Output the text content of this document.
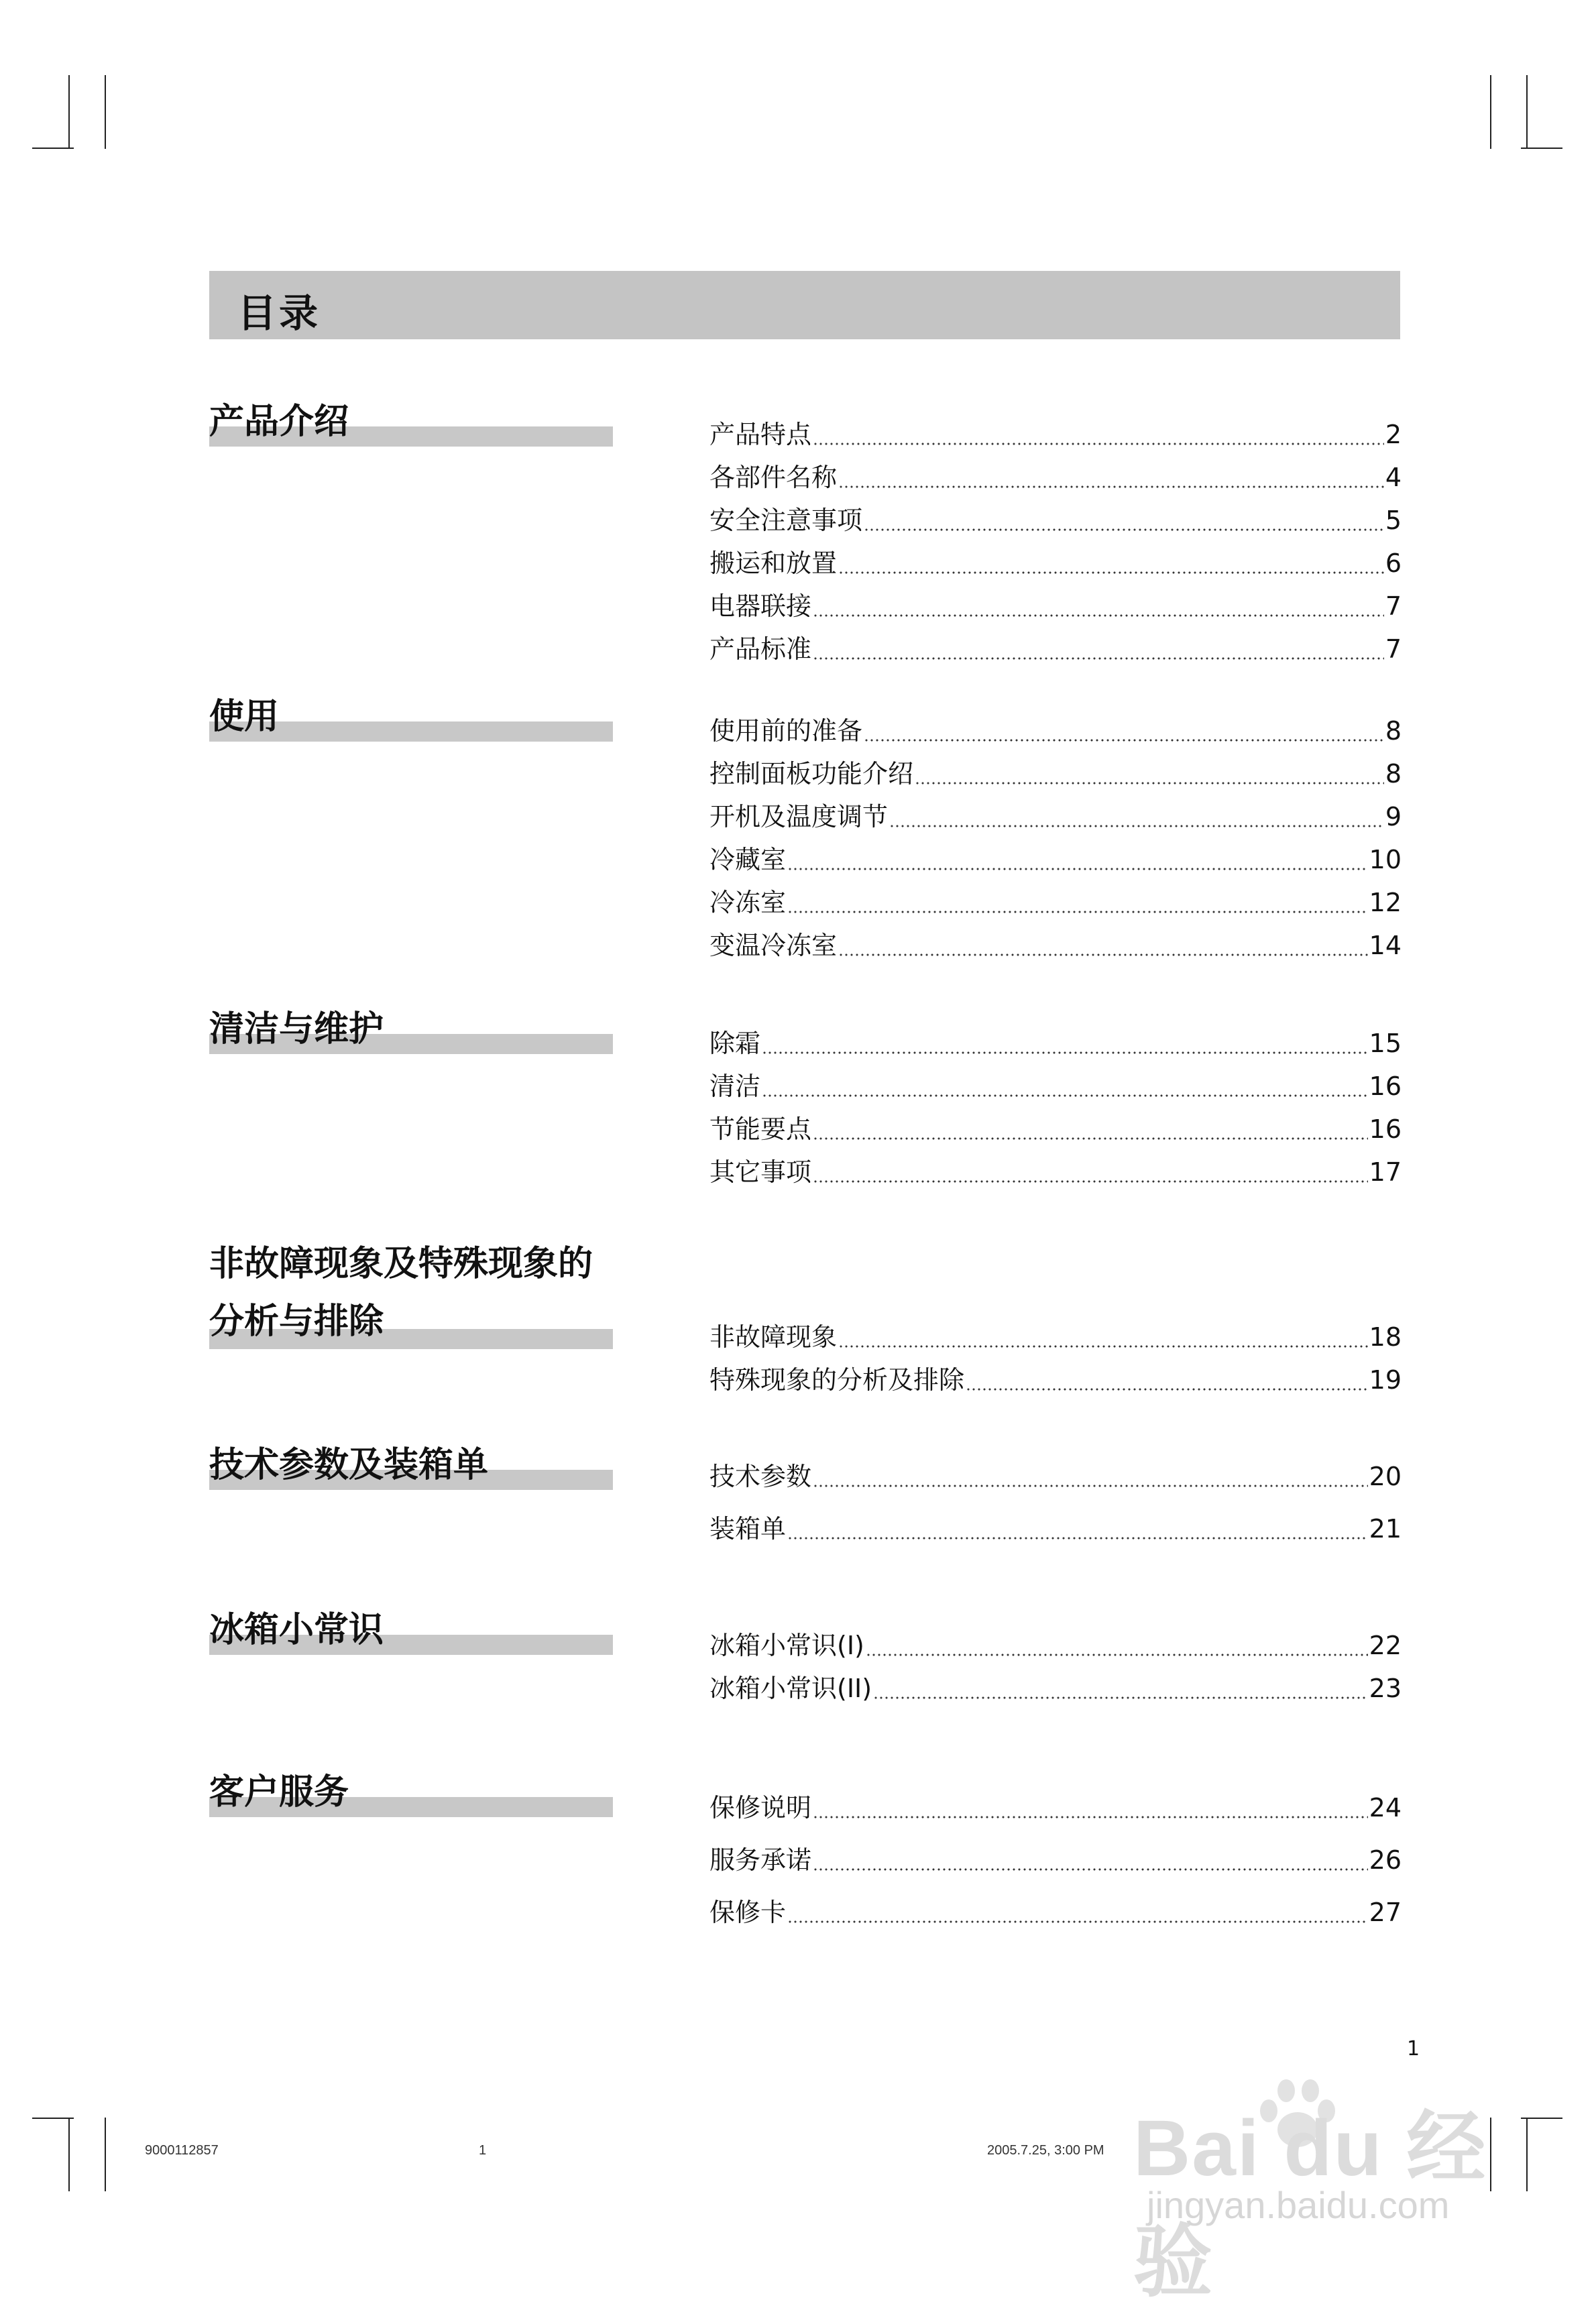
目录
产品介绍	产品特点	2
各部件名称	4
安全注意事项	5
搬运和放置	6
电器联接	7
产品标准	7
使用	使用前的准备	8
控制面板功能介绍	8
开机及温度调节	9
冷藏室	10
冷冻室	12
变温冷冻室	14
清洁与维护	除霜	15
清洁	16
节能要点	16
其它事项	17
非故障现象及特殊现象的
分析与排除	非故障现象	18
特殊现象的分析及排除	19
技术参数及装箱单	技术参数	20
装箱单	21
冰箱小常识	冰箱小常识(I)	22
冰箱小常识(II)	23
客户服务	保修说明	24
服务承诺	26
保修卡	27
1
9000112857	1	2005.7.25, 3:00 PM Bai du 经验
jingyan.baidu.com
